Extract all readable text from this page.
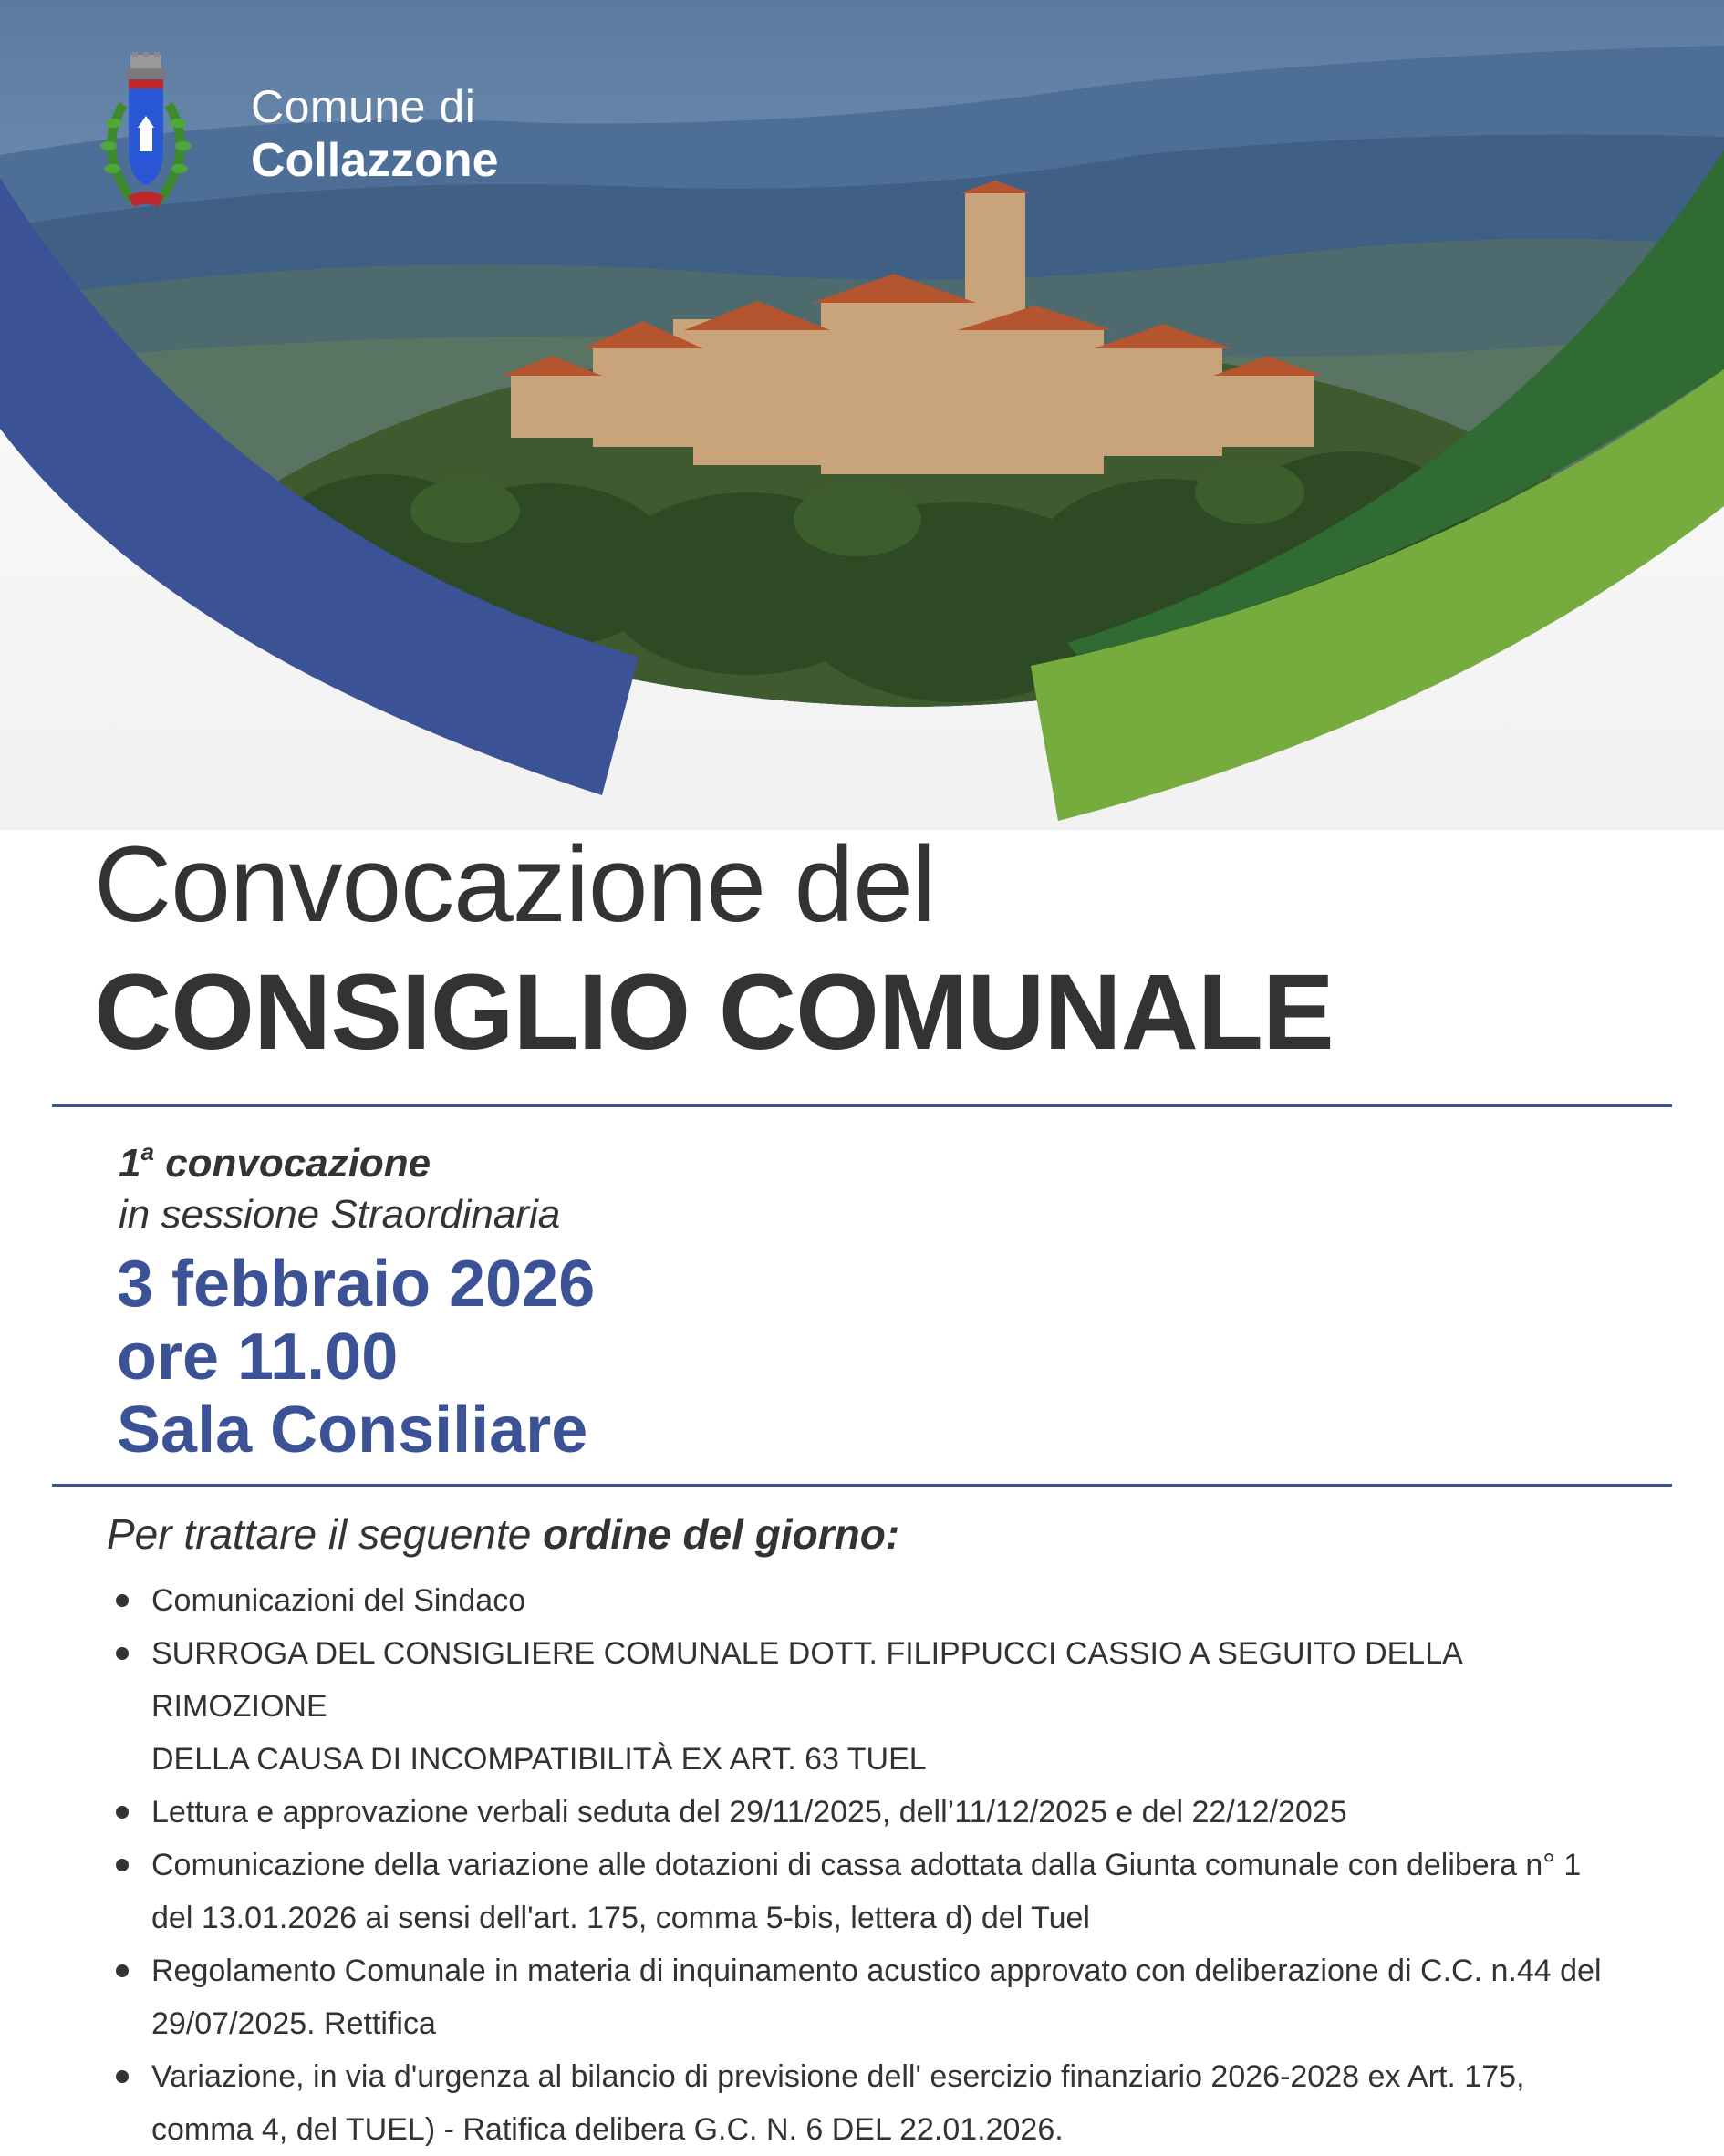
Comune di
Collazzone
Convocazione del
CONSIGLIO COMUNALE
1$^a$ convocazione
in sessione Straordinaria
3 febbraio 2026
ore 11.00
Sala Consiliare
Per trattare il seguente ordine del giorno:
Comunicazioni del Sindaco
SURROGA DEL CONSIGLIERE COMUNALE DOTT. FILIPPUCCI CASSIO A SEGUITO DELLA RIMOZIONE
DELLA CAUSA DI INCOMPATIBILITÀ EX ART. 63 TUEL
Lettura e approvazione verbali seduta del 29/11/2025, dell’11/12/2025 e del 22/12/2025
Comunicazione della variazione alle dotazioni di cassa adottata dalla Giunta comunale con delibera n° 1
del 13.01.2026 ai sensi dell'art. 175, comma 5-bis, lettera d) del Tuel
Regolamento Comunale in materia di inquinamento acustico approvato con deliberazione di C.C. n.44 del
29/07/2025. Rettifica
Variazione, in via d'urgenza al bilancio di previsione dell' esercizio finanziario 2026-2028 ex Art. 175,
comma 4, del TUEL) - Ratifica delibera G.C. N. 6 DEL 22.01.2026.
